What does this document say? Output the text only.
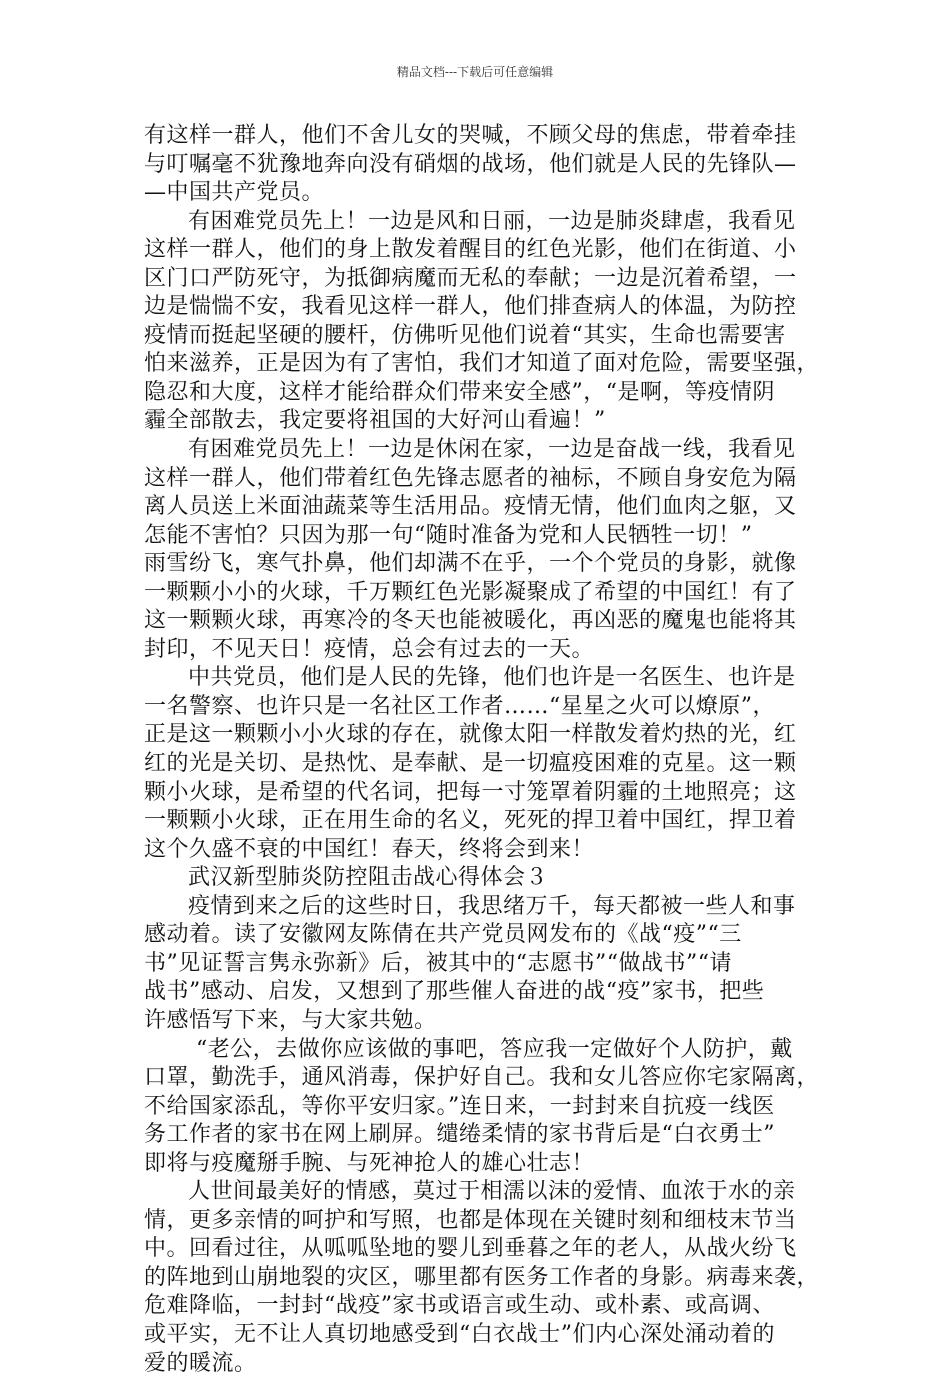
精品文档---下载后可任意编辑
有这样一群人，他们不舍儿女的哭喊，不顾父母的焦虑，带着牵挂
与叮嘱毫不犹豫地奔向没有硝烟的战场，他们就是人民的先锋队—
—中国共产党员。
有困难党员先上！一边是风和日丽，一边是肺炎肆虐，我看见
这样一群人，他们的身上散发着醒目的红色光影，他们在街道、小
区门口严防死守，为抵御病魔而无私的奉献；一边是沉着希望，一
边是惴惴不安，我看见这样一群人，他们排查病人的体温，为防控
疫情而挺起坚硬的腰杆，仿佛听见他们说着“其实，生命也需要害
怕来滋养，正是因为有了害怕，我们才知道了面对危险，需要坚强，
隐忍和大度，这样才能给群众们带来安全感”，“是啊，等疫情阴
霾全部散去，我定要将祖国的大好河山看遍！”
有困难党员先上！一边是休闲在家，一边是奋战一线，我看见
这样一群人，他们带着红色先锋志愿者的袖标，不顾自身安危为隔
离人员送上米面油蔬菜等生活用品。疫情无情，他们血肉之躯，又
怎能不害怕？只因为那一句“随时准备为党和人民牺牲一切！”
雨雪纷飞，寒气扑鼻，他们却满不在乎，一个个党员的身影，就像
一颗颗小小的火球，千万颗红色光影凝聚成了希望的中国红！有了
这一颗颗火球，再寒冷的冬天也能被暖化，再凶恶的魔鬼也能将其
封印，不见天日！疫情，总会有过去的一天。
中共党员，他们是人民的先锋，他们也许是一名医生、也许是
一名警察、也许只是一名社区工作者……“星星之火可以燎原”，
正是这一颗颗小小火球的存在，就像太阳一样散发着灼热的光，红
红的光是关切、是热忱、是奉献、是一切瘟疫困难的克星。这一颗
颗小火球，是希望的代名词，把每一寸笼罩着阴霾的土地照亮；这
一颗颗小火球，正在用生命的名义，死死的捍卫着中国红，捍卫着
这个久盛不衰的中国红！春天，终将会到来！
武汉新型肺炎防控阻击战心得体会３
疫情到来之后的这些时日，我思绪万千，每天都被一些人和事
感动着。读了安徽网友陈倩在共产党员网发布的《战“疫”“三
书”见证誓言隽永弥新》后，被其中的“志愿书”“做战书”“请
战书”感动、启发，又想到了那些催人奋进的战“疫”家书，把些
许感悟写下来，与大家共勉。
“老公，去做你应该做的事吧，答应我一定做好个人防护，戴
口罩，勤洗手，通风消毒，保护好自己。我和女儿答应你宅家隔离，
不给国家添乱，等你平安归家。”连日来，一封封来自抗疫一线医
务工作者的家书在网上刷屏。缱绻柔情的家书背后是“白衣勇士”
即将与疫魔掰手腕、与死神抢人的雄心壮志！
人世间最美好的情感，莫过于相濡以沫的爱情、血浓于水的亲
情，更多亲情的呵护和写照，也都是体现在关键时刻和细枝末节当
中。回看过往，从呱呱坠地的婴儿到垂暮之年的老人，从战火纷飞
的阵地到山崩地裂的灾区，哪里都有医务工作者的身影。病毒来袭，
危难降临，一封封“战疫”家书或语言或生动、或朴素、或高调、
或平实，无不让人真切地感受到“白衣战士”们内心深处涌动着的
爱的暖流。
